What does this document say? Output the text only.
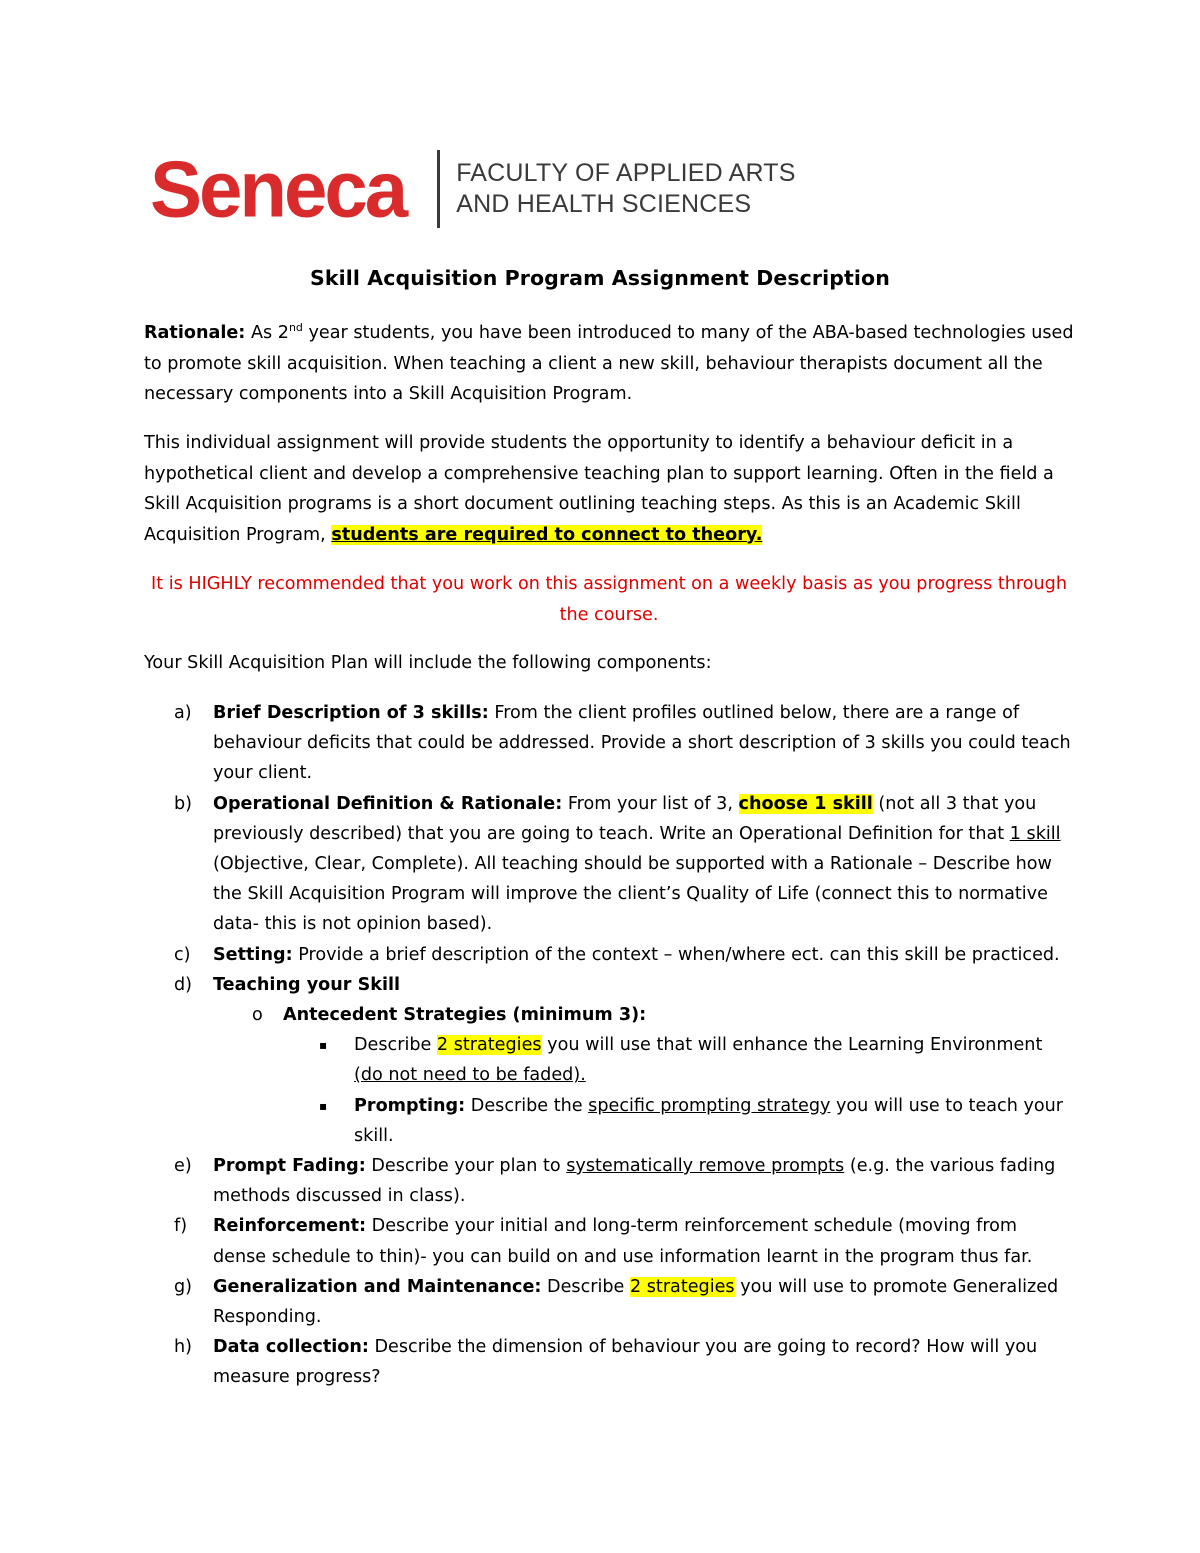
Seneca FACULTY OF APPLIED ARTS
AND HEALTH SCIENCES
Skill Acquisition Program Assignment Description
Rationale: As 2nd year students, you have been introduced to many of the ABA-based technologies used to promote skill acquisition. When teaching a client a new skill, behaviour therapists document all the necessary components into a Skill Acquisition Program.
This individual assignment will provide students the opportunity to identify a behaviour deficit in a hypothetical client and develop a comprehensive teaching plan to support learning. Often in the field a Skill Acquisition programs is a short document outlining teaching steps. As this is an Academic Skill Acquisition Program, students are required to connect to theory.
It is HIGHLY recommended that you work on this assignment on a weekly basis as you progress through the course.
Your Skill Acquisition Plan will include the following components:
a) Brief Description of 3 skills: From the client profiles outlined below, there are a range of behaviour deficits that could be addressed. Provide a short description of 3 skills you could teach your client.
b) Operational Definition & Rationale: From your list of 3, choose 1 skill (not all 3 that you previously described) that you are going to teach. Write an Operational Definition for that 1 skill (Objective, Clear, Complete). All teaching should be supported with a Rationale – Describe how the Skill Acquisition Program will improve the client’s Quality of Life (connect this to normative data- this is not opinion based).
c) Setting: Provide a brief description of the context – when/where ect. can this skill be practiced.
d) Teaching your Skill
o Antecedent Strategies (minimum 3):
▪ Describe 2 strategies you will use that will enhance the Learning Environment (do not need to be faded).
▪ Prompting: Describe the specific prompting strategy you will use to teach your skill.
e) Prompt Fading: Describe your plan to systematically remove prompts (e.g. the various fading methods discussed in class).
f) Reinforcement: Describe your initial and long-term reinforcement schedule (moving from dense schedule to thin)- you can build on and use information learnt in the program thus far.
g) Generalization and Maintenance: Describe 2 strategies you will use to promote Generalized Responding.
h) Data collection: Describe the dimension of behaviour you are going to record? How will you measure progress?
